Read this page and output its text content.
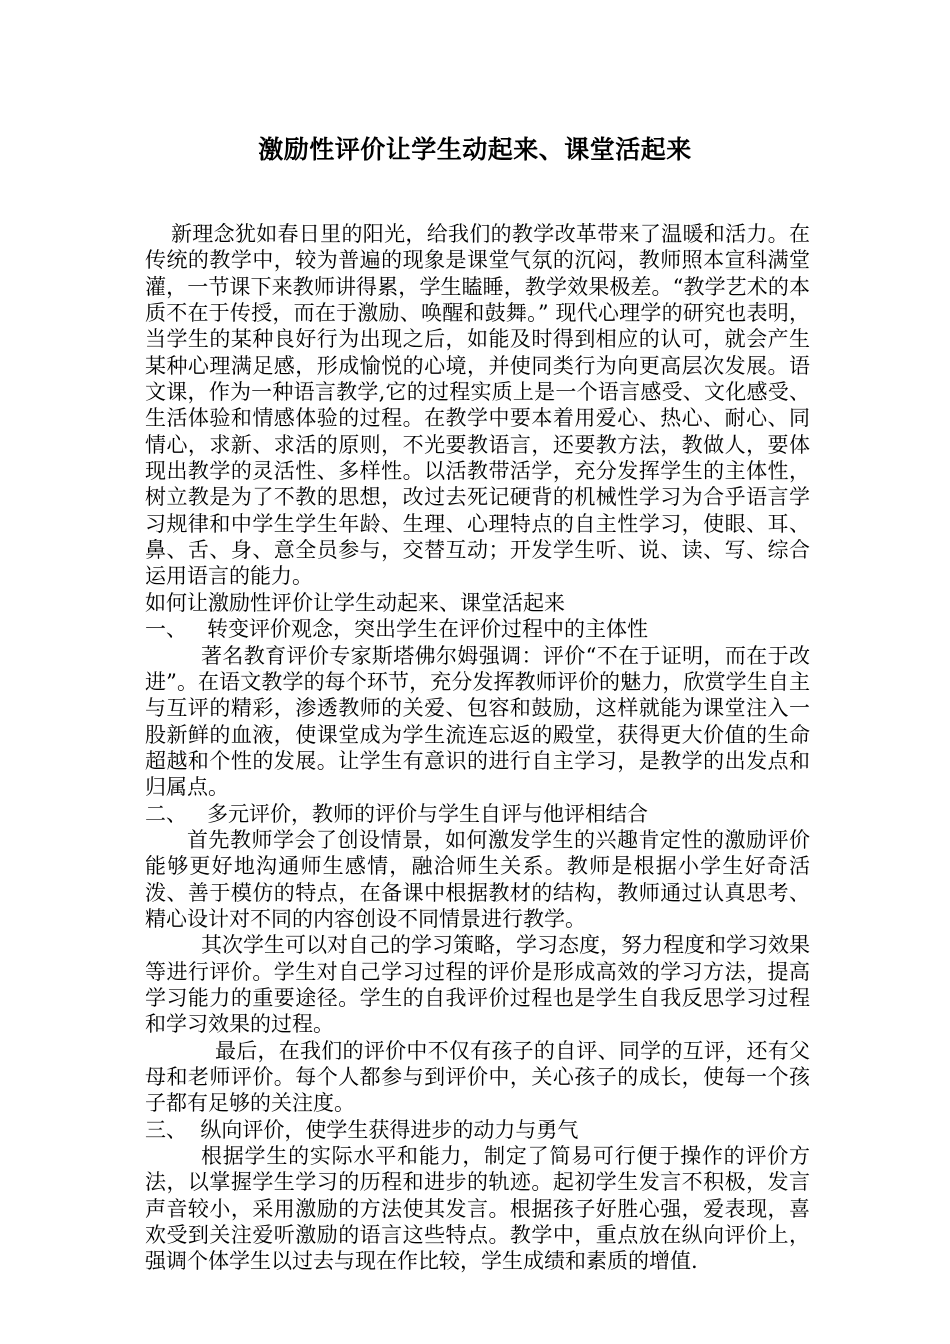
激励性评价让学生动起来、课堂活起来

新理念犹如春日里的阳光，给我们的教学改革带来了温暖和活力。在传统的教学中，较为普遍的现象是课堂气氛的沉闷，教师照本宣科满堂灌，一节课下来教师讲得累，学生瞌睡，教学效果极差。“教学艺术的本质不在于传授，而在于激励、唤醒和鼓舞。” 现代心理学的研究也表明，当学生的某种良好行为出现之后，如能及时得到相应的认可，就会产生某种心理满足感，形成愉悦的心境，并使同类行为向更高层次发展。语文课，作为一种语言教学,它的过程实质上是一个语言感受、文化感受、生活体验和情感体验的过程。在教学中要本着用爱心、热心、耐心、同情心，求新、求活的原则，不光要教语言，还要教方法，教做人，要体现出教学的灵活性、多样性。以活教带活学，充分发挥学生的主体性，树立教是为了不教的思想，改过去死记硬背的机械性学习为合乎语言学习规律和中学生学生年龄、生理、心理特点的自主性学习，使眼、耳、鼻、舌、身、意全员参与，交替互动；开发学生听、说、读、写、综合运用语言的能力。

如何让激励性评价让学生动起来、课堂活起来

一、   转变评价观念，突出学生在评价过程中的主体性

著名教育评价专家斯塔佛尔姆强调：评价“不在于证明，而在于改进”。在语文教学的每个环节，充分发挥教师评价的魅力，欣赏学生自主与互评的精彩，渗透教师的关爱、包容和鼓励，这样就能为课堂注入一股新鲜的血液，使课堂成为学生流连忘返的殿堂，获得更大价值的生命超越和个性的发展。让学生有意识的进行自主学习，是教学的出发点和归属点。

二、   多元评价，教师的评价与学生自评与他评相结合

首先教师学会了创设情景，如何激发学生的兴趣肯定性的激励评价能够更好地沟通师生感情，融洽师生关系。教师是根据小学生好奇活泼、善于模仿的特点，在备课中根据教材的结构，教师通过认真思考、精心设计对不同的内容创设不同情景进行教学。

其次学生可以对自己的学习策略，学习态度，努力程度和学习效果等进行评价。学生对自己学习过程的评价是形成高效的学习方法，提高学习能力的重要途径。学生的自我评价过程也是学生自我反思学习过程和学习效果的过程。

最后，在我们的评价中不仅有孩子的自评、同学的互评，还有父母和老师评价。每个人都参与到评价中，关心孩子的成长，使每一个孩子都有足够的关注度。

三、  纵向评价，使学生获得进步的动力与勇气

根据学生的实际水平和能力，制定了简易可行便于操作的评价方法，以掌握学生学习的历程和进步的轨迹。起初学生发言不积极，发言声音较小，采用激励的方法使其发言。根据孩子好胜心强，爱表现，喜欢受到关注爱听激励的语言这些特点。教学中，重点放在纵向评价上，强调个体学生以过去与现在作比较，学生成绩和素质的增值.
